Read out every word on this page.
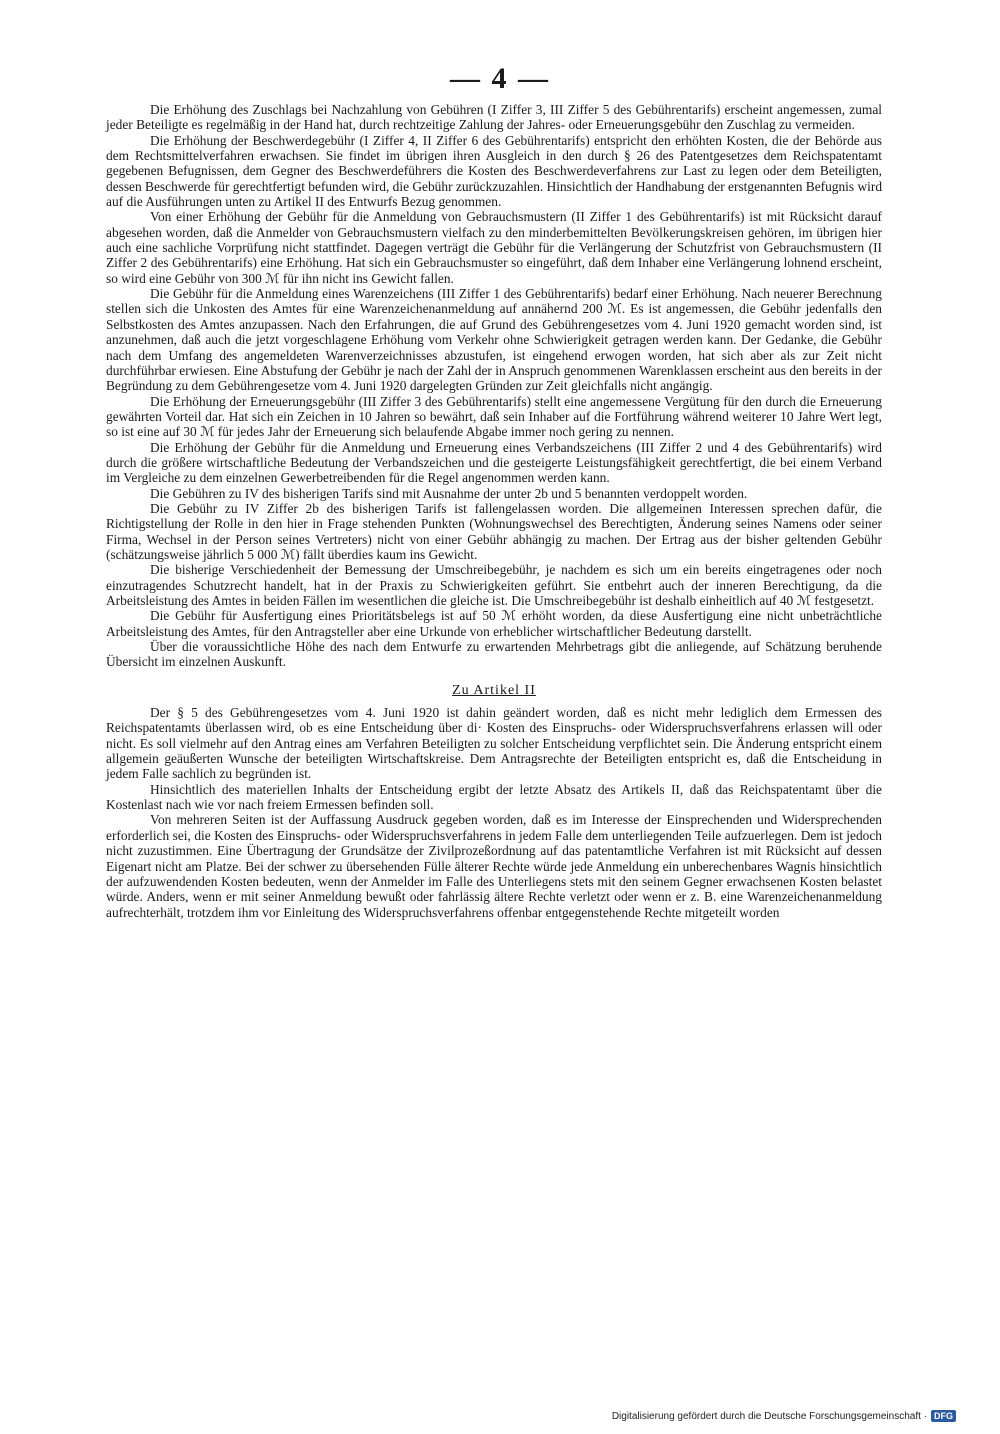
— 4 —

Die Erhöhung des Zuschlags bei Nachzahlung von Gebühren (I Ziffer 3, III Ziffer 5 des Gebührentarifs) erscheint angemessen, zumal jeder Beteiligte es regelmäßig in der Hand hat, durch rechtzeitige Zahlung der Jahres- oder Erneuerungsgebühr den Zuschlag zu vermeiden.

Die Erhöhung der Beschwerdegebühr (I Ziffer 4, II Ziffer 6 des Gebührentarifs) entspricht den erhöhten Kosten, die der Behörde aus dem Rechtsmittelverfahren erwachsen. Sie findet im übrigen ihren Ausgleich in den durch § 26 des Patentgesetzes dem Reichspatentamt gegebenen Befugnissen, dem Gegner des Beschwerdeführers die Kosten des Beschwerdeverfahrens zur Last zu legen oder dem Beteiligten, dessen Beschwerde für gerechtfertigt befunden wird, die Gebühr zurückzuzahlen. Hinsichtlich der Handhabung der erstgenannten Befugnis wird auf die Ausführungen unten zu Artikel II des Entwurfs Bezug genommen.

Von einer Erhöhung der Gebühr für die Anmeldung von Gebrauchsmustern (II Ziffer 1 des Gebührentarifs) ist mit Rücksicht darauf abgesehen worden, daß die Anmelder von Gebrauchsmustern vielfach zu den minderbemittelten Bevölkerungskreisen gehören, im übrigen hier auch eine sachliche Vorprüfung nicht stattfindet. Dagegen verträgt die Gebühr für die Verlängerung der Schutzfrist von Gebrauchsmustern (II Ziffer 2 des Gebührentarifs) eine Erhöhung. Hat sich ein Gebrauchsmuster so eingeführt, daß dem Inhaber eine Verlängerung lohnend erscheint, so wird eine Gebühr von 300 ℳ für ihn nicht ins Gewicht fallen.

Die Gebühr für die Anmeldung eines Warenzeichens (III Ziffer 1 des Gebührentarifs) bedarf einer Erhöhung. Nach neuerer Berechnung stellen sich die Unkosten des Amtes für eine Warenzeichenanmeldung auf annähernd 200 ℳ. Es ist angemessen, die Gebühr jedenfalls den Selbstkosten des Amtes anzupassen. Nach den Erfahrungen, die auf Grund des Gebührengesetzes vom 4. Juni 1920 gemacht worden sind, ist anzunehmen, daß auch die jetzt vorgeschlagene Erhöhung vom Verkehr ohne Schwierigkeit getragen werden kann. Der Gedanke, die Gebühr nach dem Umfang des angemeldeten Warenverzeichnisses abzustufen, ist eingehend erwogen worden, hat sich aber als zur Zeit nicht durchführbar erwiesen. Eine Abstufung der Gebühr je nach der Zahl der in Anspruch genommenen Warenklassen erscheint aus den bereits in der Begründung zu dem Gebührengesetze vom 4. Juni 1920 dargelegten Gründen zur Zeit gleichfalls nicht angängig.

Die Erhöhung der Erneuerungsgebühr (III Ziffer 3 des Gebührentarifs) stellt eine angemessene Vergütung für den durch die Erneuerung gewährten Vorteil dar. Hat sich ein Zeichen in 10 Jahren so bewährt, daß sein Inhaber auf die Fortführung während weiterer 10 Jahre Wert legt, so ist eine auf 30 ℳ für jedes Jahr der Erneuerung sich belaufende Abgabe immer noch gering zu nennen.

Die Erhöhung der Gebühr für die Anmeldung und Erneuerung eines Verbandszeichens (III Ziffer 2 und 4 des Gebührentarifs) wird durch die größere wirtschaftliche Bedeutung der Verbandszeichen und die gesteigerte Leistungsfähigkeit gerechtfertigt, die bei einem Verband im Vergleiche zu dem einzelnen Gewerbetreibenden für die Regel angenommen werden kann.

Die Gebühren zu IV des bisherigen Tarifs sind mit Ausnahme der unter 2b und 5 benannten verdoppelt worden.

Die Gebühr zu IV Ziffer 2b des bisherigen Tarifs ist fallengelassen worden. Die allgemeinen Interessen sprechen dafür, die Richtigstellung der Rolle in den hier in Frage stehenden Punkten (Wohnungswechsel des Berechtigten, Änderung seines Namens oder seiner Firma, Wechsel in der Person seines Vertreters) nicht von einer Gebühr abhängig zu machen. Der Ertrag aus der bisher geltenden Gebühr (schätzungsweise jährlich 5 000 ℳ) fällt überdies kaum ins Gewicht.

Die bisherige Verschiedenheit der Bemessung der Umschreibegebühr, je nachdem es sich um ein bereits eingetragenes oder noch einzutragendes Schutzrecht handelt, hat in der Praxis zu Schwierigkeiten geführt. Sie entbehrt auch der inneren Berechtigung, da die Arbeitsleistung des Amtes in beiden Fällen im wesentlichen die gleiche ist. Die Umschreibegebühr ist deshalb einheitlich auf 40 ℳ festgesetzt.

Die Gebühr für Ausfertigung eines Prioritätsbelegs ist auf 50 ℳ erhöht worden, da diese Ausfertigung eine nicht unbeträchtliche Arbeitsleistung des Amtes, für den Antragsteller aber eine Urkunde von erheblicher wirtschaftlicher Bedeutung darstellt.

Über die voraussichtliche Höhe des nach dem Entwurfe zu erwartenden Mehrbetrags gibt die anliegende, auf Schätzung beruhende Übersicht im einzelnen Auskunft.

Zu Artikel II

Der § 5 des Gebührengesetzes vom 4. Juni 1920 ist dahin geändert worden, daß es nicht mehr lediglich dem Ermessen des Reichspatentamts überlassen wird, ob es eine Entscheidung über di· Kosten des Einspruchs- oder Widerspruchsverfahrens erlassen will oder nicht. Es soll vielmehr auf den Antrag eines am Verfahren Beteiligten zu solcher Entscheidung verpflichtet sein. Die Änderung entspricht einem allgemein geäußerten Wunsche der beteiligten Wirtschaftskreise. Dem Antragsrechte der Beteiligten entspricht es, daß die Entscheidung in jedem Falle sachlich zu begründen ist.

Hinsichtlich des materiellen Inhalts der Entscheidung ergibt der letzte Absatz des Artikels II, daß das Reichspatentamt über die Kostenlast nach wie vor nach freiem Ermessen befinden soll.

Von mehreren Seiten ist der Auffassung Ausdruck gegeben worden, daß es im Interesse der Einsprechenden und Widersprechenden erforderlich sei, die Kosten des Einspruchs- oder Widerspruchsverfahrens in jedem Falle dem unterliegenden Teile aufzuerlegen. Dem ist jedoch nicht zuzustimmen. Eine Übertragung der Grundsätze der Zivilprozeßordnung auf das patentamtliche Verfahren ist mit Rücksicht auf dessen Eigenart nicht am Platze. Bei der schwer zu übersehenden Fülle älterer Rechte würde jede Anmeldung ein unberechenbares Wagnis hinsichtlich der aufzuwendenden Kosten bedeuten, wenn der Anmelder im Falle des Unterliegens stets mit den seinem Gegner erwachsenen Kosten belastet würde. Anders, wenn er mit seiner Anmeldung bewußt oder fahrlässig ältere Rechte verletzt oder wenn er z. B. eine Warenzeichenanmeldung aufrechterhält, trotzdem ihm vor Einleitung des Widerspruchsverfahrens offenbar entgegenstehende Rechte mitgeteilt worden

Digitalisierung gefördert durch die Deutsche Forschungsgemeinschaft · DFG
